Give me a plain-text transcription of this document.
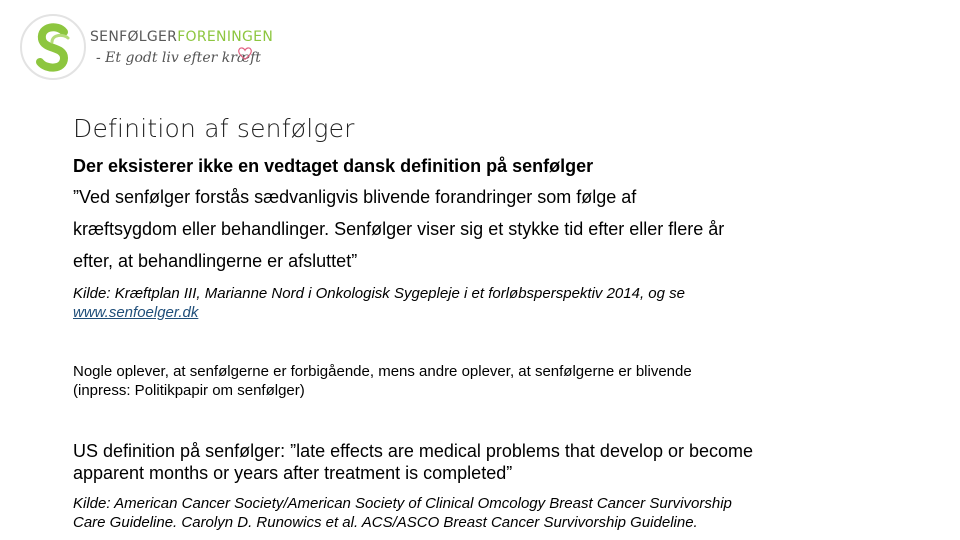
SENFØLGERFORENINGEN
- Et godt liv efter kræft
Definition af senfølger

Der eksisterer ikke en vedtaget dansk definition på senfølger

”Ved senfølger forstås sædvanligvis blivende forandringer som følge af
kræftsygdom eller behandlinger. Senfølger viser sig et stykke tid efter eller flere år
efter, at behandlingerne er afsluttet”

Kilde: Kræftplan III, Marianne Nord i Onkologisk Sygepleje i et forløbsperspektiv 2014, og se
www.senfoelger.dk

Nogle oplever, at senfølgerne er forbigående, mens andre oplever, at senfølgerne er blivende
(inpress: Politikpapir om senfølger)

US definition på senfølger: ”late effects are medical problems that develop or become
apparent months or years after treatment is completed”

Kilde: American Cancer Society/American Society of Clinical Omcology Breast Cancer Survivorship
Care Guideline. Carolyn D. Runowics et al. ACS/ASCO Breast Cancer Survivorship Guideline.
